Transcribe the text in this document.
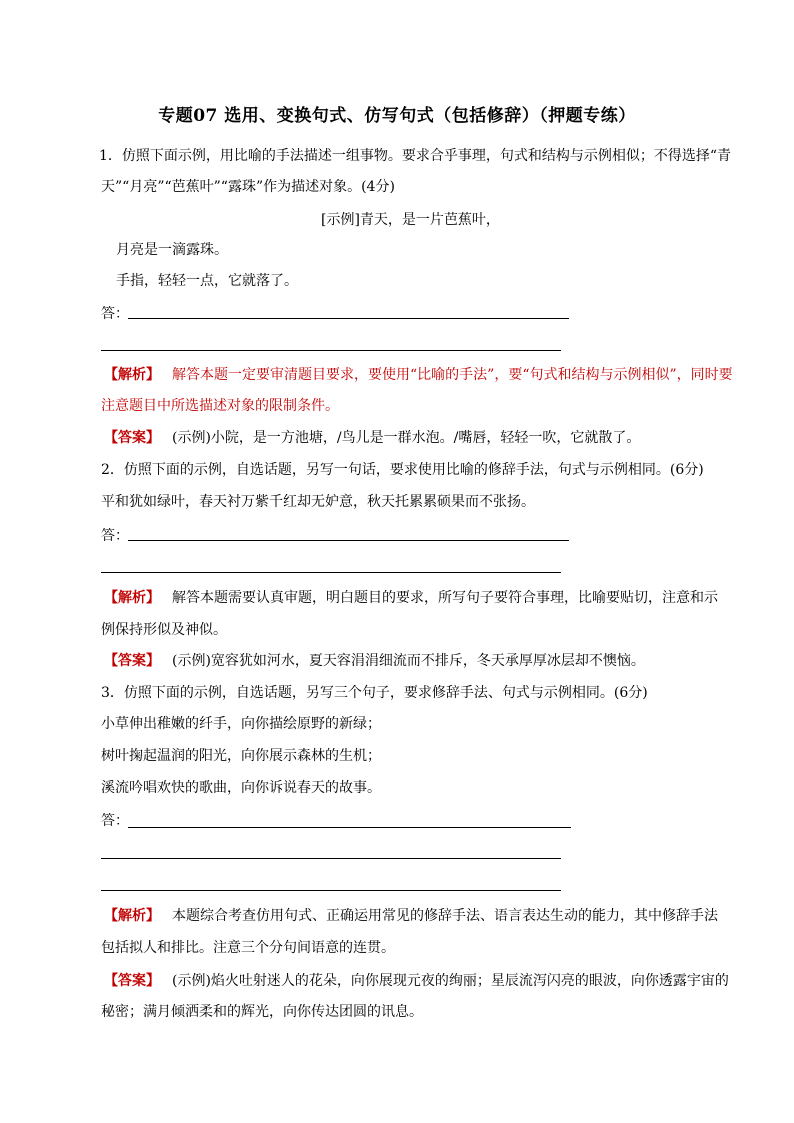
专题07 选用、变换句式、仿写句式（包括修辞）（押题专练）
1．仿照下面示例，用比喻的手法描述一组事物。要求合乎事理，句式和结构与示例相似；不得选择“青
天”“月亮”“芭蕉叶”“露珠”作为描述对象。(4分)
[示例]青天，是一片芭蕉叶，
月亮是一滴露珠。
手指，轻轻一点，它就落了。
答：
【解析】 解答本题一定要审清题目要求，要使用“比喻的手法”，要“句式和结构与示例相似”，同时要
注意题目中所选描述对象的限制条件。
【答案】 (示例)小院，是一方池塘，/鸟儿是一群水泡。/嘴唇，轻轻一吹，它就散了。
2．仿照下面的示例，自选话题，另写一句话，要求使用比喻的修辞手法，句式与示例相同。(6分)
平和犹如绿叶，春天衬万紫千红却无妒意，秋天托累累硕果而不张扬。
答：
【解析】 解答本题需要认真审题，明白题目的要求，所写句子要符合事理，比喻要贴切，注意和示
例保持形似及神似。
【答案】 (示例)宽容犹如河水，夏天容涓涓细流而不排斥，冬天承厚厚冰层却不懊恼。
3．仿照下面的示例，自选话题，另写三个句子，要求修辞手法、句式与示例相同。(6分)
小草伸出稚嫩的纤手，向你描绘原野的新绿；
树叶掬起温润的阳光，向你展示森林的生机；
溪流吟唱欢快的歌曲，向你诉说春天的故事。
答：
【解析】 本题综合考查仿用句式、正确运用常见的修辞手法、语言表达生动的能力，其中修辞手法
包括拟人和排比。注意三个分句间语意的连贯。
【答案】 (示例)焰火吐射迷人的花朵，向你展现元夜的绚丽；星辰流泻闪亮的眼波，向你透露宇宙的
秘密；满月倾洒柔和的辉光，向你传达团圆的讯息。
